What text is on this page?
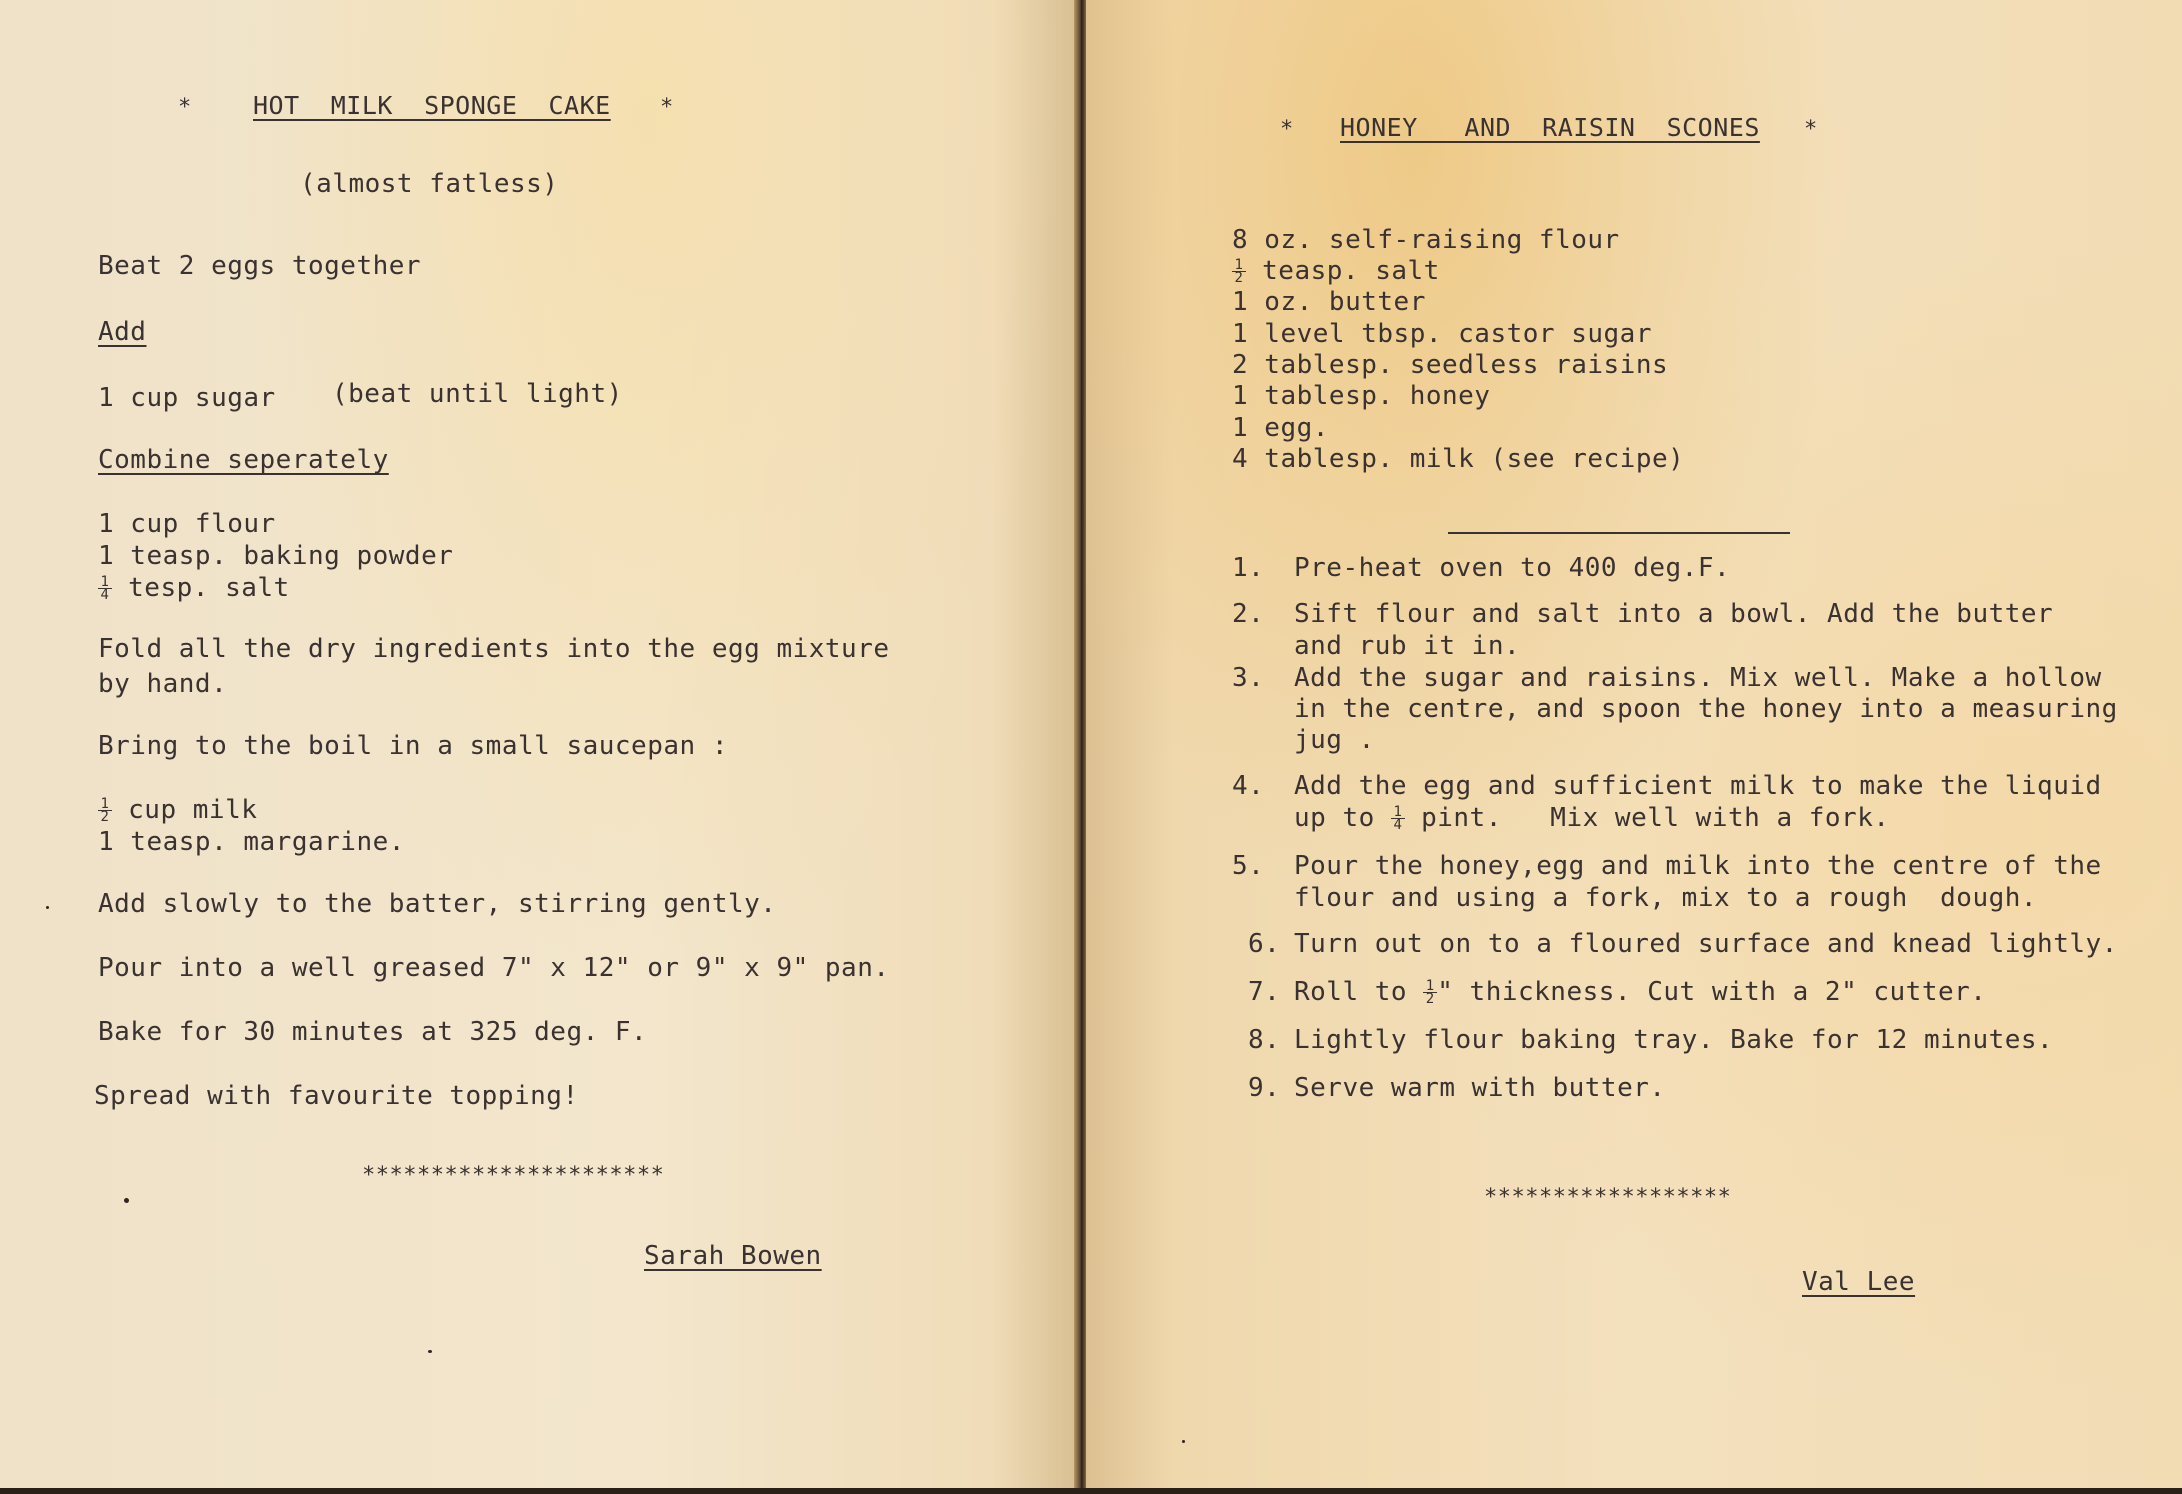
* HOT  MILK  SPONGE  CAKE *
(almost fatless)
Beat 2 eggs together
Add
1 cup sugar (beat until light)
Combine seperately
1 cup flour
1 teasp. baking powder
$\frac{1}{4}$ tesp. salt
Fold all the dry ingredients into the egg mixture
by hand.
Bring to the boil in a small saucepan :
$\frac{1}{2}$ cup milk
1 teasp. margarine.
Add slowly to the batter, stirring gently.
Pour into a well greased 7" x 12" or 9" x 9" pan.
Bake for 30 minutes at 325 deg. F.
Spread with favourite topping!
**********************
Sarah Bowen
* HONEY   AND  RAISIN  SCONES *
8 oz. self-raising flour
$\frac{1}{2}$ teasp. salt
1 oz. butter
1 level tbsp. castor sugar
2 tablesp. seedless raisins
1 tablesp. honey
1 egg.
4 tablesp. milk (see recipe)
1. Pre-heat oven to 400 deg.F.
2. Sift flour and salt into a bowl. Add the butter
and rub it in.
3. Add the sugar and raisins. Mix well. Make a hollow
in the centre, and spoon the honey into a measuring
jug .
4. Add the egg and sufficient milk to make the liquid
up to $\frac{1}{4}$ pint.   Mix well with a fork.
5. Pour the honey,egg and milk into the centre of the
flour and using a fork, mix to a rough  dough.
6. Turn out on to a floured surface and knead lightly.
7. Roll to $\frac{1}{2}$ " thickness. Cut with a 2" cutter.
8. Lightly flour baking tray. Bake for 12 minutes.
9. Serve warm with butter.
******************
Val Lee
